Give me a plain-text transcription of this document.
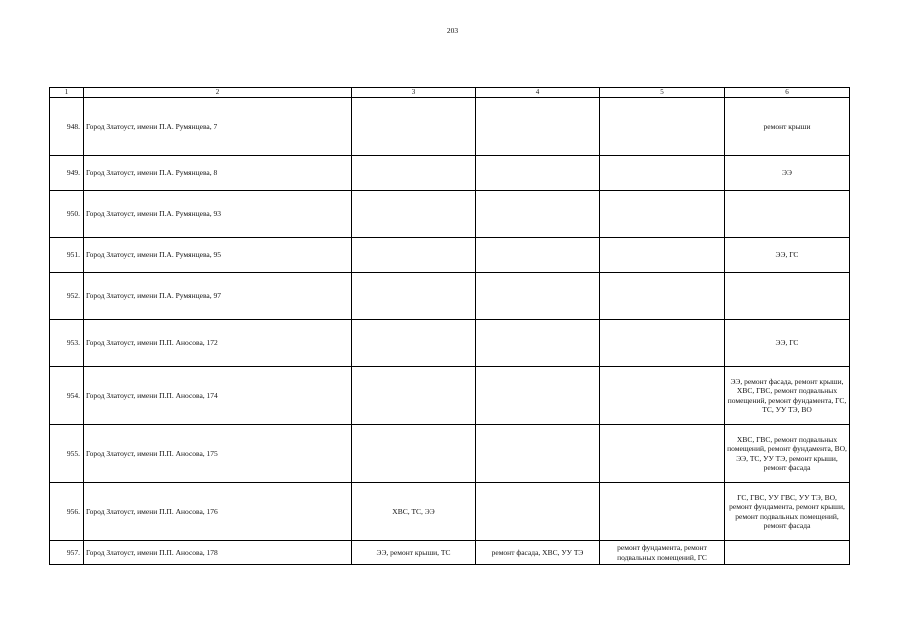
203
1	2	3	4	5	6
948.	Город Златоуст, имени П.А. Румянцева, 7				ремонт крыши
949.	Город Златоуст, имени П.А. Румянцева, 8				ЭЭ
950.	Город Златоуст, имени П.А. Румянцева, 93				
951.	Город Златоуст, имени П.А. Румянцева, 95				ЭЭ, ГС
952.	Город Златоуст, имени П.А. Румянцева, 97				
953.	Город Златоуст, имени П.П. Аносова, 172				ЭЭ, ГС
954.	Город Златоуст, имени П.П. Аносова, 174				ЭЭ, ремонт фасада, ремонт крыши, ХВС, ГВС, ремонт подвальных помещений, ремонт фундамента, ГС, ТС, УУ ТЭ, ВО
955.	Город Златоуст, имени П.П. Аносова, 175				ХВС, ГВС, ремонт подвальных помещений, ремонт фундамента, ВО, ЭЭ, ТС, УУ ТЭ, ремонт крыши, ремонт фасада
956.	Город Златоуст, имени П.П. Аносова, 176	ХВС, ТС, ЭЭ			ГС, ГВС, УУ ГВС, УУ ТЭ, ВО, ремонт фундамента, ремонт крыши, ремонт подвальных помещений, ремонт фасада
957.	Город Златоуст, имени П.П. Аносова, 178	ЭЭ, ремонт крыши, ТС	ремонт фасада, ХВС, УУ ТЭ	ремонт фундамента, ремонт подвальных помещений, ГС	
